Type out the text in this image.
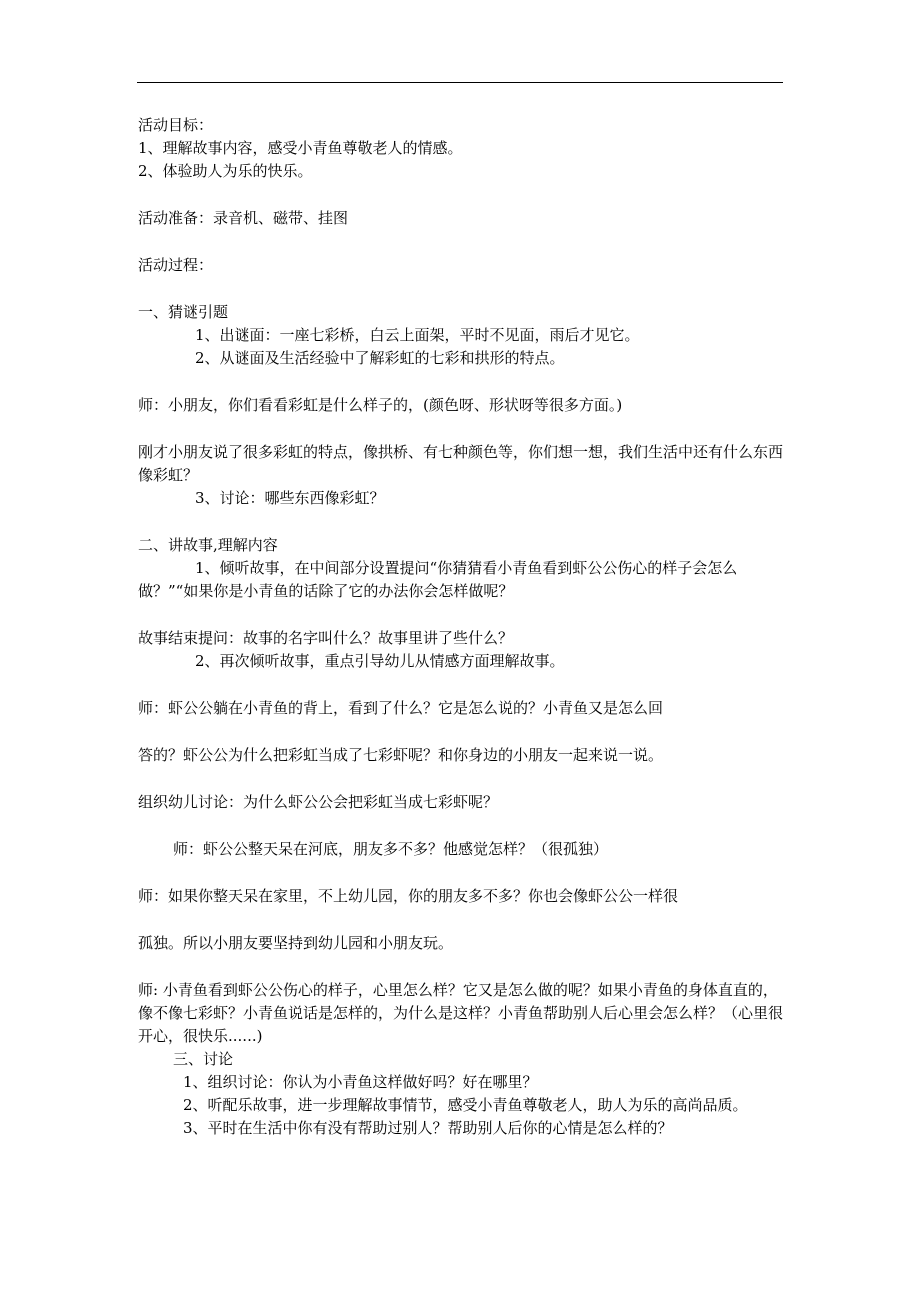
活动目标：

1、理解故事内容，感受小青鱼尊敬老人的情感。

2、体验助人为乐的快乐。

活动准备：录音机、磁带、挂图

活动过程：

一、猜谜引题

1、出谜面：一座七彩桥，白云上面架，平时不见面，雨后才见它。

2、从谜面及生活经验中了解彩虹的七彩和拱形的特点。

师：小朋友，你们看看彩虹是什么样子的，(颜色呀、形状呀等很多方面。)

刚才小朋友说了很多彩虹的特点，像拱桥、有七种颜色等，你们想一想，我们生活中还有什么东西像彩虹？

3、讨论：哪些东西像彩虹？

二、讲故事,理解内容

1、倾听故事，在中间部分设置提问“你猜猜看小青鱼看到虾公公伤心的样子会怎么做？”“如果你是小青鱼的话除了它的办法你会怎样做呢？

故事结束提问：故事的名字叫什么？故事里讲了些什么？

2、再次倾听故事，重点引导幼儿从情感方面理解故事。

师：虾公公躺在小青鱼的背上，看到了什么？它是怎么说的？小青鱼又是怎么回

答的？虾公公为什么把彩虹当成了七彩虾呢？和你身边的小朋友一起来说一说。

组织幼儿讨论：为什么虾公公会把彩虹当成七彩虾呢？

师：虾公公整天呆在河底，朋友多不多？他感觉怎样？（很孤独）

师：如果你整天呆在家里，不上幼儿园，你的朋友多不多？你也会像虾公公一样很

孤独。所以小朋友要坚持到幼儿园和小朋友玩。

师: 小青鱼看到虾公公伤心的样子，心里怎么样？它又是怎么做的呢？如果小青鱼的身体直直的，像不像七彩虾？小青鱼说话是怎样的，为什么是这样？小青鱼帮助别人后心里会怎么样？（心里很开心，很快乐......)

三、讨论

1、组织讨论：你认为小青鱼这样做好吗？好在哪里？

2、听配乐故事，进一步理解故事情节，感受小青鱼尊敬老人，助人为乐的高尚品质。

3、平时在生活中你有没有帮助过别人？帮助别人后你的心情是怎么样的？
